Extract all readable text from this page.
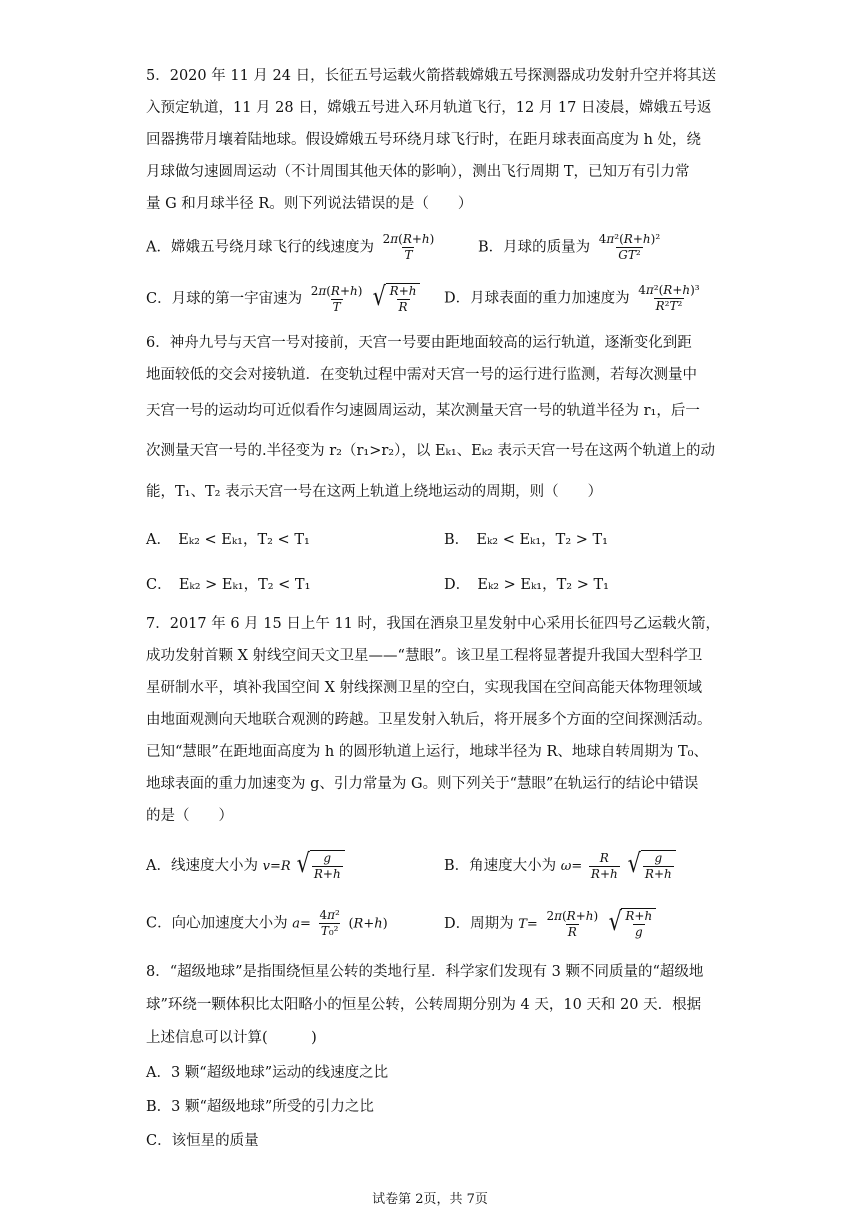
5．2020 年 11 月 24 日，长征五号运载火箭搭载嫦娥五号探测器成功发射升空并将其送
入预定轨道，11 月 28 日，嫦娥五号进入环月轨道飞行，12 月 17 日凌晨，嫦娥五号返
回器携带月壤着陆地球。假设嫦娥五号环绕月球飞行时，在距月球表面高度为 h 处，绕
月球做匀速圆周运动（不计周围其他天体的影响），测出飞行周期 T，已知万有引力常
量 G 和月球半径 R。则下列说法错误的是（　　）
A．嫦娥五号绕月球飞行的线速度为 $\frac{2\pi(R+h)}{T}$	B．月球的质量为 $\frac{\text{4π²(R+h)²}}{\text{GT²}}$
C．月球的第一宇宙速为 $\frac{2\pi(R+h)}{T}$
√ $\frac{R+h}{R}$ D．月球表面的重力加速度为 $\frac{\text{4π²(R+h)³}}{\text{R²T²}}$
6．神舟九号与天宫一号对接前，天宫一号要由距地面较高的运行轨道，逐渐变化到距
地面较低的交会对接轨道．在变轨过程中需对天宫一号的运行进行监测，若每次测量中
天宫一号的运动均可近似看作匀速圆周运动，某次测量天宫一号的轨道半径为 r₁，后一
次测量天宫一号的.半径变为 r₂（r₁>r₂），以 Eₖ₁、Eₖ₂ 表示天宫一号在这两个轨道上的动
能，T₁、T₂ 表示天宫一号在这两上轨道上绕地运动的周期，则（　　）
A．　Eₖ₂ < Eₖ₁，T₂ < T₁	B．　Eₖ₂ < Eₖ₁，T₂ > T₁
C．　Eₖ₂ > Eₖ₁，T₂ < T₁	D．　Eₖ₂ > Eₖ₁，T₂ > T₁
7．2017 年 6 月 15 日上午 11 时，我国在酒泉卫星发射中心采用长征四号乙运载火箭，
成功发射首颗 X 射线空间天文卫星——“慧眼”。该卫星工程将显著提升我国大型科学卫
星研制水平，填补我国空间 X 射线探测卫星的空白，实现我国在空间高能天体物理领域
由地面观测向天地联合观测的跨越。卫星发射入轨后，将开展多个方面的空间探测活动。
已知“慧眼”在距地面高度为 h 的圆形轨道上运行，地球半径为 R、地球自转周期为 T₀、
地球表面的重力加速变为 g、引力常量为 G。则下列关于“慧眼”在轨运行的结论中错误
的是（　　）
A．线速度大小为 v=R √ $\frac{g}{R+h}$	B．角速度大小为 $\omega= \frac{R}{R+h}$
√ $\frac{g}{R+h}$
C．向心加速度大小为 $a= \frac{\text{4π²}}{\text{T₀²}} (R+h)$	D．周期为 $T= \frac{2\pi(R+h)}{R}$
√ $\frac{R+h}{g}$
8．“超级地球”是指围绕恒星公转的类地行星．科学家们发现有 3 颗不同质量的“超级地
球”环绕一颗体积比太阳略小的恒星公转，公转周期分别为 4 天，10 天和 20 天．根据
上述信息可以计算(　　　)
A．3 颗“超级地球”运动的线速度之比
B．3 颗“超级地球”所受的引力之比
C．该恒星的质量
试卷第 2页，共 7页
